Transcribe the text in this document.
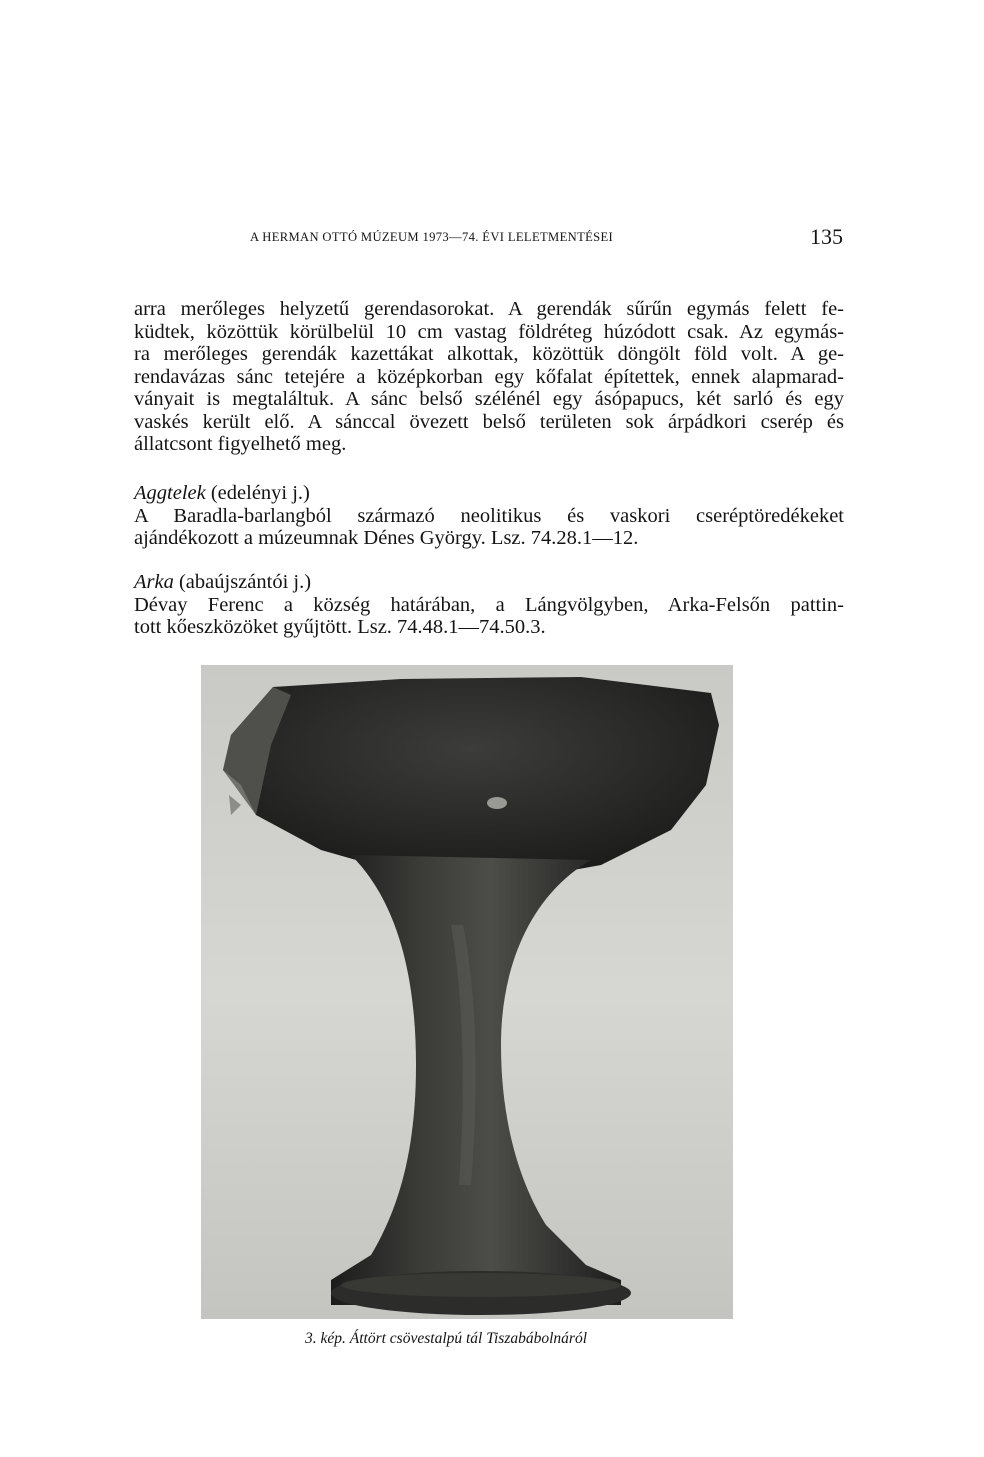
A HERMAN OTTÓ MÚZEUM 1973—74. ÉVI LELETMENTÉSEI	135
arra merőleges helyzetű gerendasorokat. A gerendák sűrűn egymás felett fe-
küdtek, közöttük körülbelül 10 cm vastag földréteg húzódott csak. Az egymás-
ra merőleges gerendák kazettákat alkottak, közöttük döngölt föld volt. A ge-
rendavázas sánc tetejére a középkorban egy kőfalat építettek, ennek alapmarad-
ványait is megtaláltuk. A sánc belső szélénél egy ásópapucs, két sarló és egy
vaskés került elő. A sánccal övezett belső területen sok árpádkori cserép és
állatcsont figyelhető meg.
Aggtelek (edelényi j.)
A Baradla-barlangból származó neolitikus és vaskori cseréptöredékeket
ajándékozott a múzeumnak Dénes György. Lsz. 74.28.1—12.
Arka (abaújszántói j.)
Dévay Ferenc a község határában, a Lángvölgyben, Arka-Felsőn pattin-
tott kőeszközöket gyűjtött. Lsz. 74.48.1—74.50.3.
3. kép. Áttört csövestalpú tál Tiszabábolnáról
